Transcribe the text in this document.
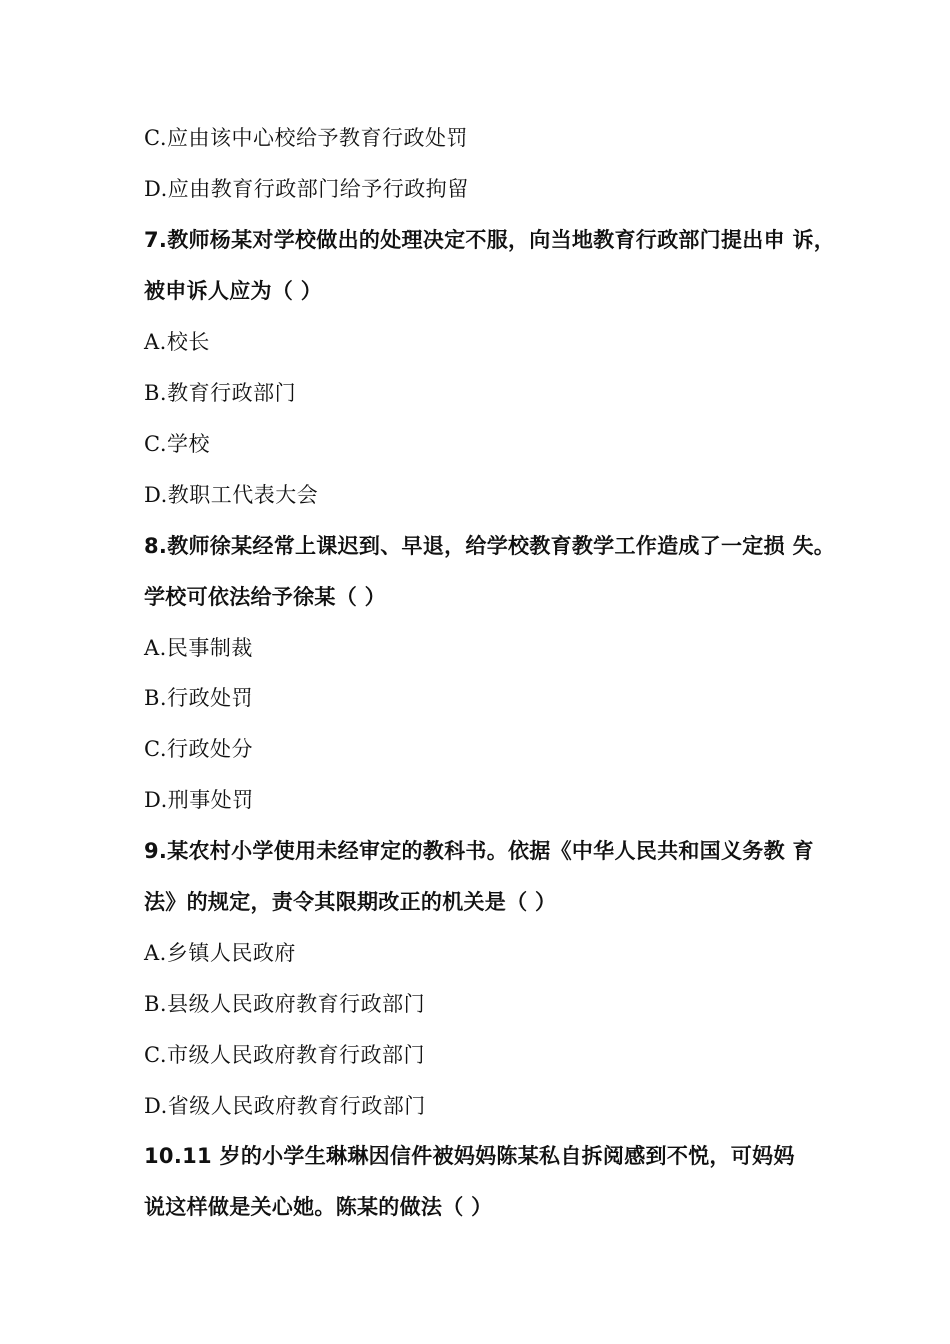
C.应由该中心校给予教育行政处罚
D.应由教育行政部门给予行政拘留
7.教师杨某对学校做出的处理决定不服，向当地教育行政部门提出申 诉，
被申诉人应为（ ）
A.校长
B.教育行政部门
C.学校
D.教职工代表大会
8.教师徐某经常上课迟到、早退，给学校教育教学工作造成了一定损 失。
学校可依法给予徐某（ ）
A.民事制裁
B.行政处罚
C.行政处分
D.刑事处罚
9.某农村小学使用未经审定的教科书。依据《中华人民共和国义务教 育
法》的规定，责令其限期改正的机关是（ ）
A.乡镇人民政府
B.县级人民政府教育行政部门
C.市级人民政府教育行政部门
D.省级人民政府教育行政部门
10.11 岁的小学生琳琳因信件被妈妈陈某私自拆阅感到不悦，可妈妈
说这样做是关心她。陈某的做法（ ）
